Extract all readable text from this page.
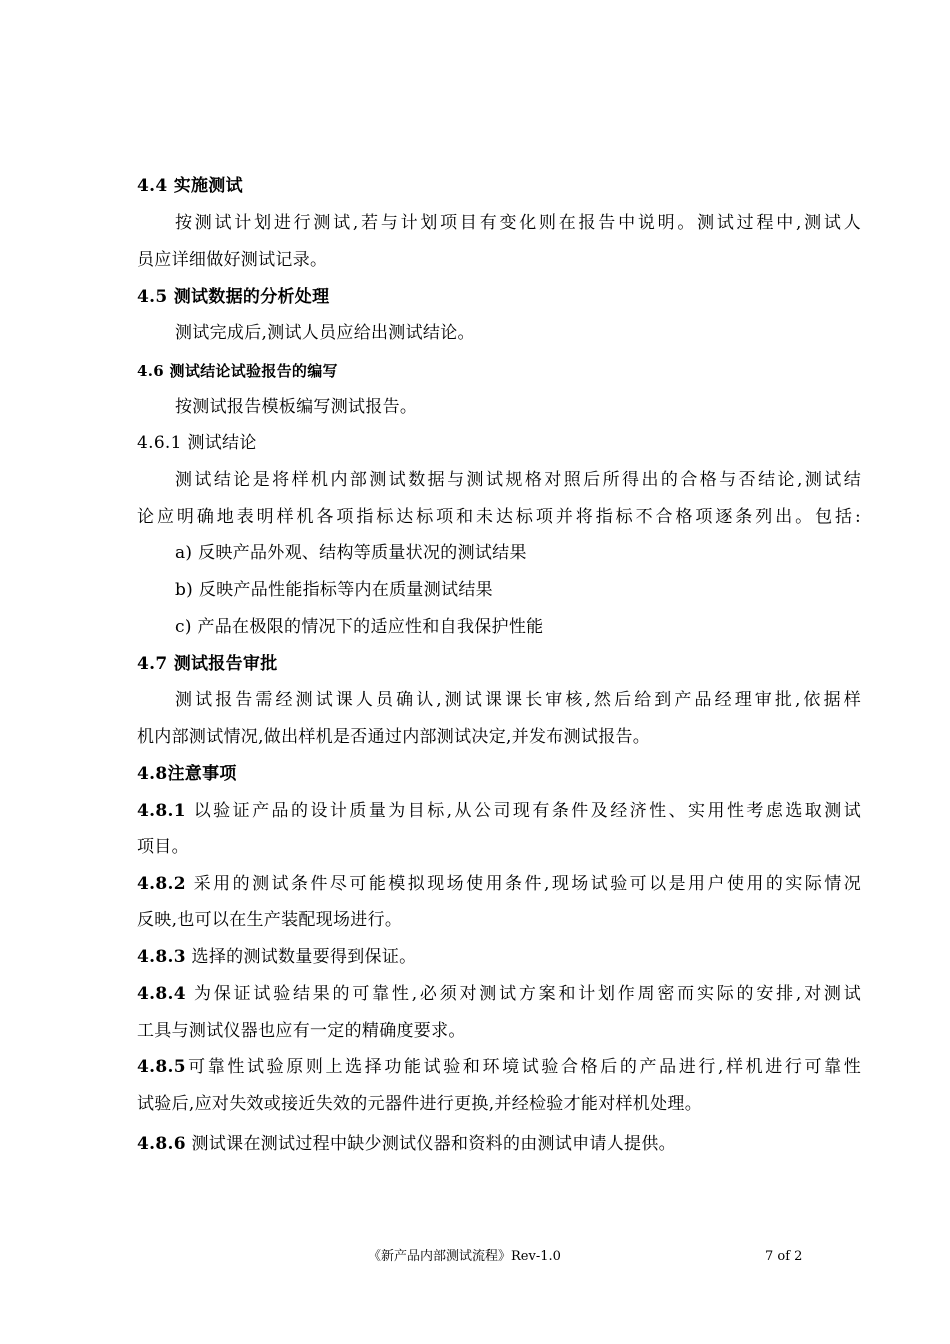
4.4 实施测试
按测试计划进行测试,若与计划项目有变化则在报告中说明。测试过程中,测试人
员应详细做好测试记录。
4.5 测试数据的分析处理
测试完成后,测试人员应给出测试结论。
4.6 测试结论试验报告的编写
按测试报告模板编写测试报告。
4.6.1 测试结论
测试结论是将样机内部测试数据与测试规格对照后所得出的合格与否结论,测试结
论应明确地表明样机各项指标达标项和未达标项并将指标不合格项逐条列出。包括:
a) 反映产品外观、结构等质量状况的测试结果
b) 反映产品性能指标等内在质量测试结果
c) 产品在极限的情况下的适应性和自我保护性能
4.7 测试报告审批
测试报告需经测试课人员确认,测试课课长审核,然后给到产品经理审批,依据样
机内部测试情况,做出样机是否通过内部测试决定,并发布测试报告。
4.8注意事项
4.8.1 以验证产品的设计质量为目标,从公司现有条件及经济性、实用性考虑选取测试
项目。
4.8.2 采用的测试条件尽可能模拟现场使用条件,现场试验可以是用户使用的实际情况
反映,也可以在生产装配现场进行。
4.8.3 选择的测试数量要得到保证。
4.8.4 为保证试验结果的可靠性,必须对测试方案和计划作周密而实际的安排,对测试
工具与测试仪器也应有一定的精确度要求。
4.8.5可靠性试验原则上选择功能试验和环境试验合格后的产品进行,样机进行可靠性
试验后,应对失效或接近失效的元器件进行更换,并经检验才能对样机处理。
4.8.6 测试课在测试过程中缺少测试仪器和资料的由测试申请人提供。
《新产品内部测试流程》Rev-1.0	7 of 2
